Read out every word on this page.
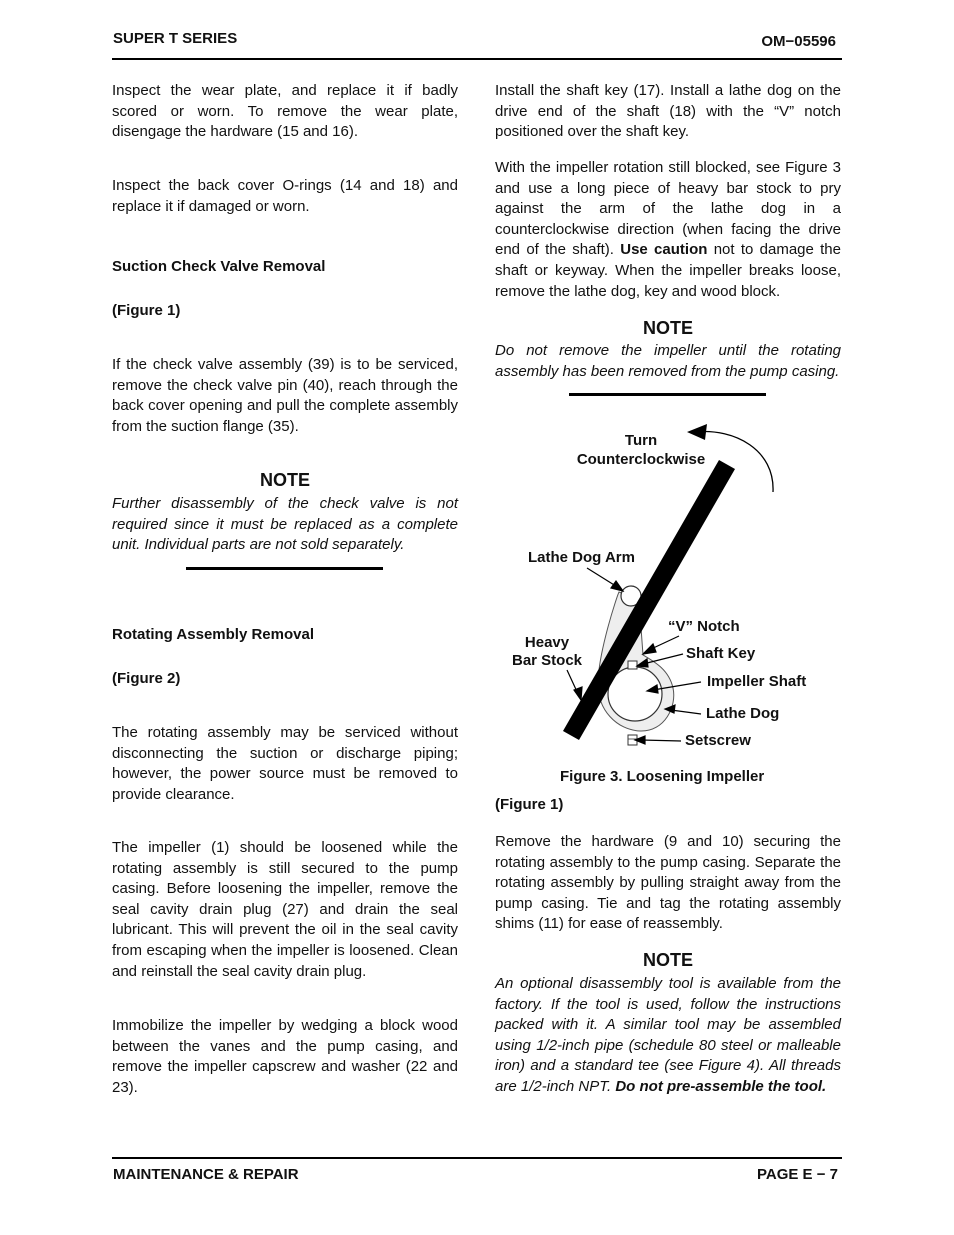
SUPER T SERIES	OM−05596

Inspect the wear plate, and replace it if badly scored or worn. To remove the wear plate, disengage the hardware (15 and 16).

Inspect the back cover O-rings (14 and 18) and replace it if damaged or worn.

Suction Check Valve Removal
(Figure 1)

If the check valve assembly (39) is to be serviced, remove the check valve pin (40), reach through the back cover opening and pull the complete assembly from the suction flange (35).

NOTE

Further disassembly of the check valve is not required since it must be replaced as a complete unit. Individual parts are not sold separately.

Rotating Assembly Removal
(Figure 2)

The rotating assembly may be serviced without disconnecting the suction or discharge piping; however, the power source must be removed to provide clearance.

The impeller (1) should be loosened while the rotating assembly is still secured to the pump casing. Before loosening the impeller, remove the seal cavity drain plug (27) and drain the seal lubricant. This will prevent the oil in the seal cavity from escaping when the impeller is loosened. Clean and reinstall the seal cavity drain plug.

Immobilize the impeller by wedging a block wood between the vanes and the pump casing, and remove the impeller capscrew and washer (22 and 23).

Install the shaft key (17). Install a lathe dog on the drive end of the shaft (18) with the “V” notch positioned over the shaft key.

With the impeller rotation still blocked, see Figure 3 and use a long piece of heavy bar stock to pry against the arm of the lathe dog in a counterclockwise direction (when facing the drive end of the shaft). Use caution not to damage the shaft or keyway. When the impeller breaks loose, remove the lathe dog, key and wood block.

NOTE

Do not remove the impeller until the rotating assembly has been removed from the pump casing.

Turn
Counterclockwise
Lathe Dog Arm
“V” Notch
Heavy
Bar Stock	Shaft Key
Impeller Shaft
Lathe Dog
Setscrew
Figure 3. Loosening Impeller
(Figure 1)

Remove the hardware (9 and 10) securing the rotating assembly to the pump casing. Separate the rotating assembly by pulling straight away from the pump casing. Tie and tag the rotating assembly shims (11) for ease of reassembly.

NOTE

An optional disassembly tool is available from the factory. If the tool is used, follow the instructions packed with it. A similar tool may be assembled using 1/2-inch pipe (schedule 80 steel or malleable iron) and a standard tee (see Figure 4). All threads are 1/2-inch NPT. Do not pre-assemble the tool.

MAINTENANCE & REPAIR	PAGE E − 7
